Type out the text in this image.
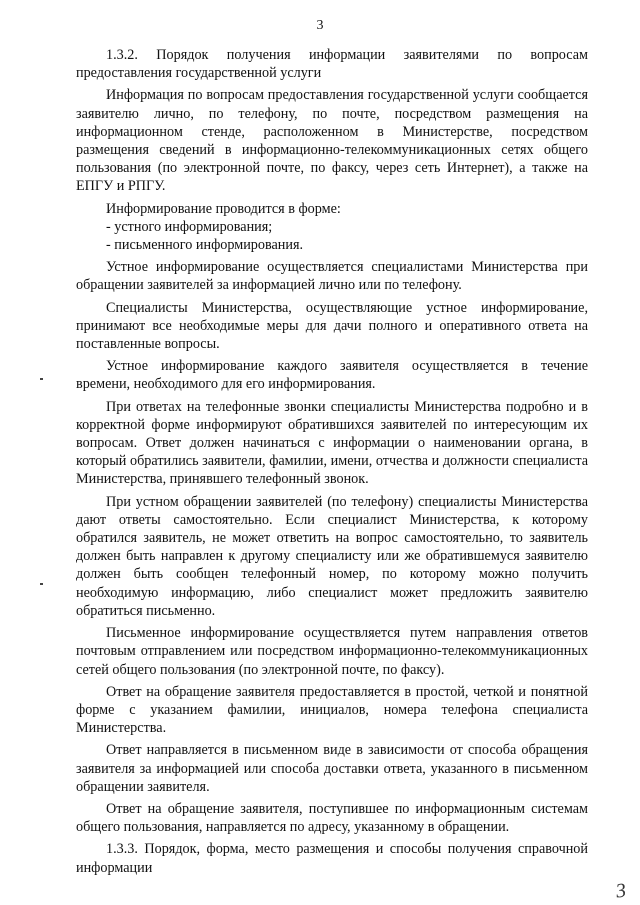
3

1.3.2. Порядок получения информации заявителями по вопросам предоставления государственной услуги

Информация по вопросам предоставления государственной услуги сообщается заявителю лично, по телефону, по почте, посредством размещения на информационном стенде, расположенном в Министерстве, посредством размещения сведений в информационно-телекоммуникационных сетях общего пользования (по электронной почте, по факсу, через сеть Интернет), а также на ЕПГУ и РПГУ.

Информирование проводится в форме:

- устного информирования;

- письменного информирования.

Устное информирование осуществляется специалистами Министерства при обращении заявителей за информацией лично или по телефону.

Специалисты Министерства, осуществляющие устное информирование, принимают все необходимые меры для дачи полного и оперативного ответа на поставленные вопросы.

Устное информирование каждого заявителя осуществляется в течение времени, необходимого для его информирования.

При ответах на телефонные звонки специалисты Министерства подробно и в корректной форме информируют обратившихся заявителей по интересующим их вопросам. Ответ должен начинаться с информации о наименовании органа, в который обратились заявители, фамилии, имени, отчества и должности специалиста Министерства, принявшего телефонный звонок.

При устном обращении заявителей (по телефону) специалисты Министерства дают ответы самостоятельно. Если специалист Министерства, к которому обратился заявитель, не может ответить на вопрос самостоятельно, то заявитель должен быть направлен к другому специалисту или же обратившемуся заявителю должен быть сообщен телефонный номер, по которому можно получить необходимую информацию, либо специалист может предложить заявителю обратиться письменно.

Письменное информирование осуществляется путем направления ответов почтовым отправлением или посредством информационно-телекоммуникационных сетей общего пользования (по электронной почте, по факсу).

Ответ на обращение заявителя предоставляется в простой, четкой и понятной форме с указанием фамилии, инициалов, номера телефона специалиста Министерства.

Ответ направляется в письменном виде в зависимости от способа обращения заявителя за информацией или способа доставки ответа, указанного в письменном обращении заявителя.

Ответ на обращение заявителя, поступившее по информационным системам общего пользования, направляется по адресу, указанному в обращении.

1.3.3. Порядок, форма, место размещения и способы получения справочной информации

3
